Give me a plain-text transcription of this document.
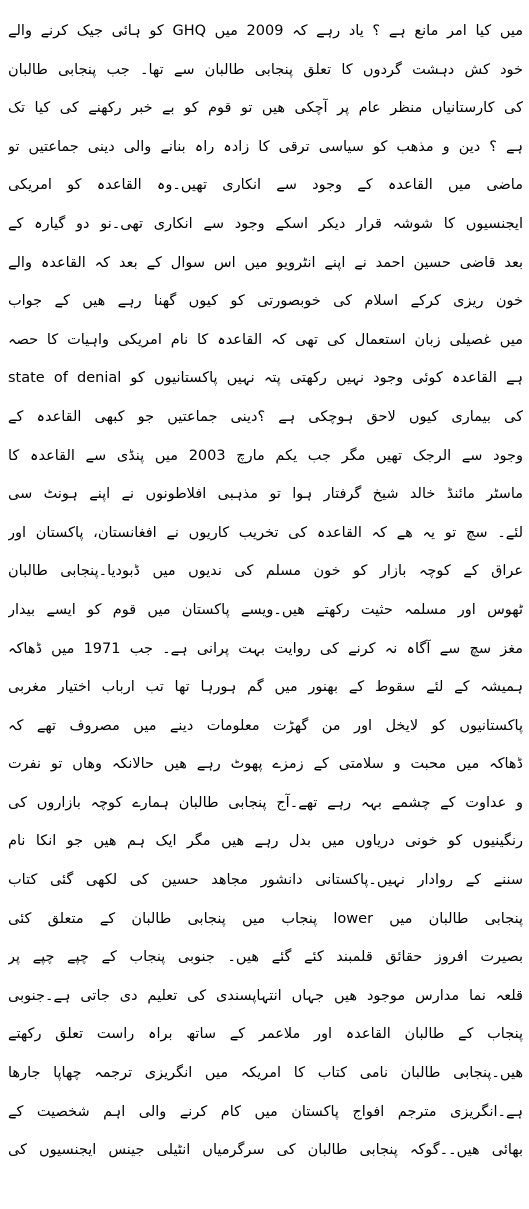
میں کیا امر مانع ہے ؟ یاد رہے کہ 2009 میں GHQ کو ہائی جیک کرنے والے
خود کش دہشت گردوں کا تعلق پنجابی طالبان سے تھا۔ جب پنجابی طالبان
کی کارستانیاں منظر عام پر آچکی ھیں تو قوم کو بے خبر رکھنے کی کیا تک
ہے ؟ دین و مذھب کو سیاسی ترقی کا زادہ راہ بنانے والی دینی جماعتیں تو
ماضی میں القاعدہ کے وجود سے انکاری تھیں۔وہ القاعدہ کو امریکی
ایجنسیوں کا شوشہ قرار دیکر اسکے وجود سے انکاری تھی۔نو دو گیارہ کے
بعد قاضی حسین احمد نے اپنے انٹرویو میں اس سوال کے بعد کہ القاعدہ والے
خون ریزی کرکے اسلام کی خوبصورتی کو کیوں گھنا رہے ھیں کے جواب
میں غصیلی زبان استعمال کی تھی کہ القاعدہ کا نام امریکی واہیات کا حصہ
ہے القاعدہ کوئی وجود نہیں رکھتی پتہ نہیں پاکستانیوں کو state of denial
کی بیماری کیوں لاحق ہوچکی ہے ؟دینی جماعتیں جو کبھی القاعدہ کے
وجود سے الرجک تھیں مگر جب یکم مارچ 2003 میں پنڈی سے القاعدہ کا
ماسٹر مائنڈ خالد شیخ گرفتار ہوا تو مذہبی افلاطونوں نے اپنے ہونٹ سی
لئے۔ سچ تو یہ ھے کہ القاعدہ کی تخریب کاریوں نے افغانستان، پاکستان اور
عراق کے کوچہ بازار کو خون مسلم کی ندیوں میں ڈبودیا۔پنجابی طالبان
ٹھوس اور مسلمہ حثیت رکھتے ھیں۔ویسے پاکستان میں قوم کو ایسے بیدار
مغز سچ سے آگاہ نہ کرنے کی روایت بہت پرانی ہے۔ جب 1971 میں ڈھاکہ
ہمیشہ کے لئے سقوط کے بھنور میں گم ہورہا تھا تب ارباب اختیار مغربی
پاکستانیوں کو لایخل اور من گھڑت معلومات دینے میں مصروف تھے کہ
ڈھاکہ میں محبت و سلامتی کے زمزے پھوٹ رہے ھیں حالانکہ وھاں تو نفرت
و عداوت کے چشمے بہہ رہے تھے۔آج پنجابی طالبان ہمارے کوچہ بازاروں کی
رنگینیوں کو خونی دریاوں میں بدل رہے ھیں مگر ایک ہم ھیں جو انکا نام
سننے کے روادار نہیں۔پاکستانی دانشور مجاھد حسین کی لکھی گئی کتاب
پنجابی طالبان میں lower پنجاب میں پنجابی طالبان کے متعلق کئی
بصیرت افروز حقائق قلمبند کئے گئے ھیں۔ جنوبی پنجاب کے چپے چپے پر
قلعہ نما مدارس موجود ھیں جہاں انتہاپسندی کی تعلیم دی جاتی ہے۔جنوبی
پنجاب کے طالبان القاعدہ اور ملاعمر کے ساتھ براہ راست تعلق رکھتے
ھیں۔پنجابی طالبان نامی کتاب کا امریکہ میں انگریزی ترجمہ چھاپا جارھا
ہے۔انگریزی مترجم افواج پاکستان میں کام کرنے والی اہم شخصیت کے
بھائی ھیں۔۔گوکہ پنجابی طالبان کی سرگرمیاں انٹیلی جینس ایجنسیوں کی
